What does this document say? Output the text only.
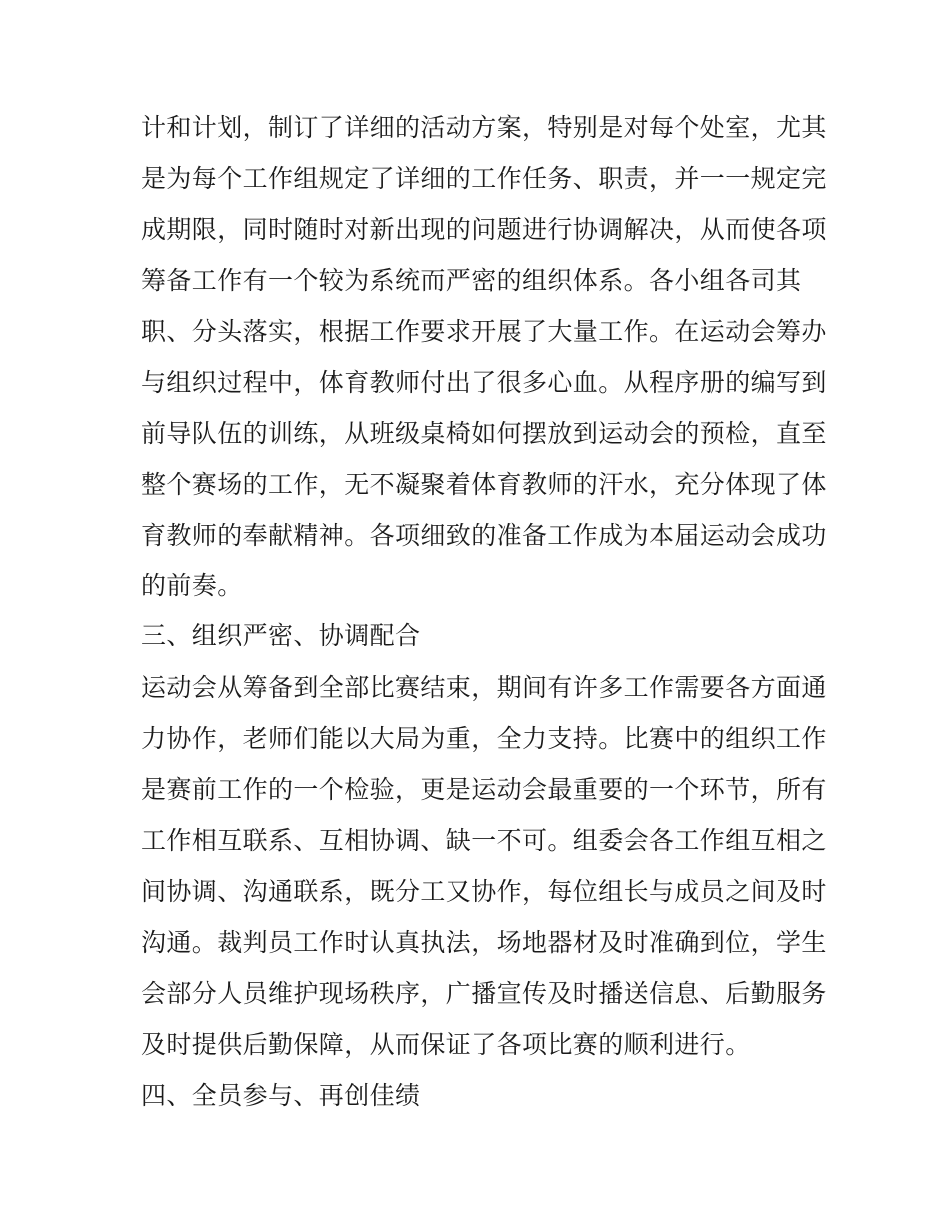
计和计划，制订了详细的活动方案，特别是对每个处室，尤其
是为每个工作组规定了详细的工作任务、职责，并一一规定完
成期限，同时随时对新出现的问题进行协调解决，从而使各项
筹备工作有一个较为系统而严密的组织体系。各小组各司其
职、分头落实，根据工作要求开展了大量工作。在运动会筹办
与组织过程中，体育教师付出了很多心血。从程序册的编写到
前导队伍的训练，从班级桌椅如何摆放到运动会的预检，直至
整个赛场的工作，无不凝聚着体育教师的汗水，充分体现了体
育教师的奉献精神。各项细致的准备工作成为本届运动会成功
的前奏。
三、组织严密、协调配合
运动会从筹备到全部比赛结束，期间有许多工作需要各方面通
力协作，老师们能以大局为重，全力支持。比赛中的组织工作
是赛前工作的一个检验，更是运动会最重要的一个环节，所有
工作相互联系、互相协调、缺一不可。组委会各工作组互相之
间协调、沟通联系，既分工又协作，每位组长与成员之间及时
沟通。裁判员工作时认真执法，场地器材及时准确到位，学生
会部分人员维护现场秩序，广播宣传及时播送信息、后勤服务
及时提供后勤保障，从而保证了各项比赛的顺利进行。
四、全员参与、再创佳绩
